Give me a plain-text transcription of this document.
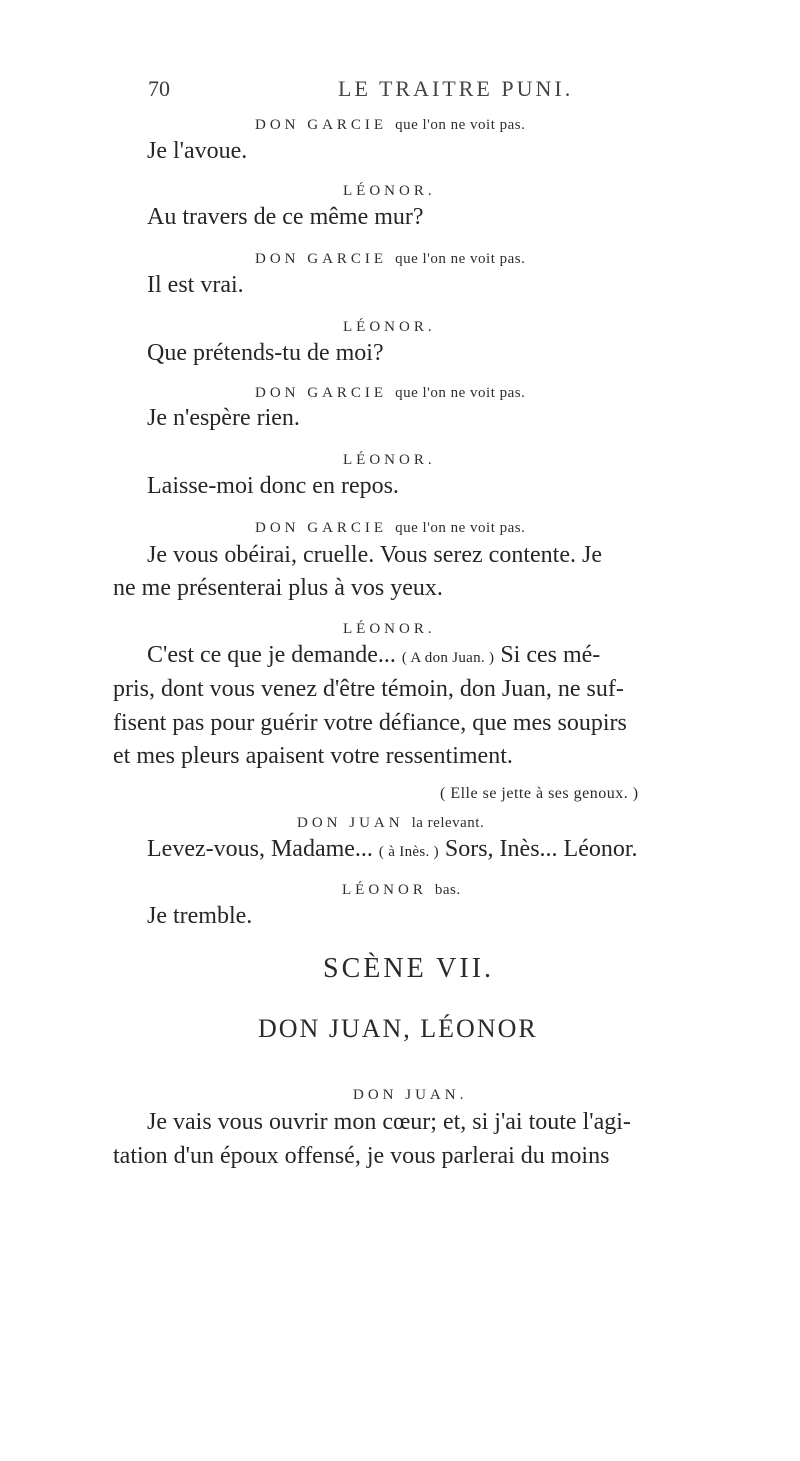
70	LE TRAITRE PUNI.
DON GARCIE que l'on ne voit pas.
Je l'avoue.
LÉONOR.
Au travers de ce même mur?
DON GARCIE que l'on ne voit pas.
Il est vrai.
LÉONOR.
Que prétends-tu de moi?
DON GARCIE que l'on ne voit pas.
Je n'espère rien.
LÉONOR.
Laisse-moi donc en repos.
DON GARCIE que l'on ne voit pas.
Je vous obéirai, cruelle. Vous serez contente. Je
ne me présenterai plus à vos yeux.
LÉONOR.
C'est ce que je demande... ( A don Juan. ) Si ces mé-
pris, dont vous venez d'être témoin, don Juan, ne suf-
fisent pas pour guérir votre défiance, que mes soupirs
et mes pleurs apaisent votre ressentiment.
( Elle se jette à ses genoux. )
DON JUAN la relevant.
Levez-vous, Madame... ( à Inès. ) Sors, Inès... Léonor.
LÉONOR bas.
Je tremble.
SCÈNE VII.
DON JUAN, LÉONOR
DON JUAN.
Je vais vous ouvrir mon cœur; et, si j'ai toute l'agi-
tation d'un époux offensé, je vous parlerai du moins
